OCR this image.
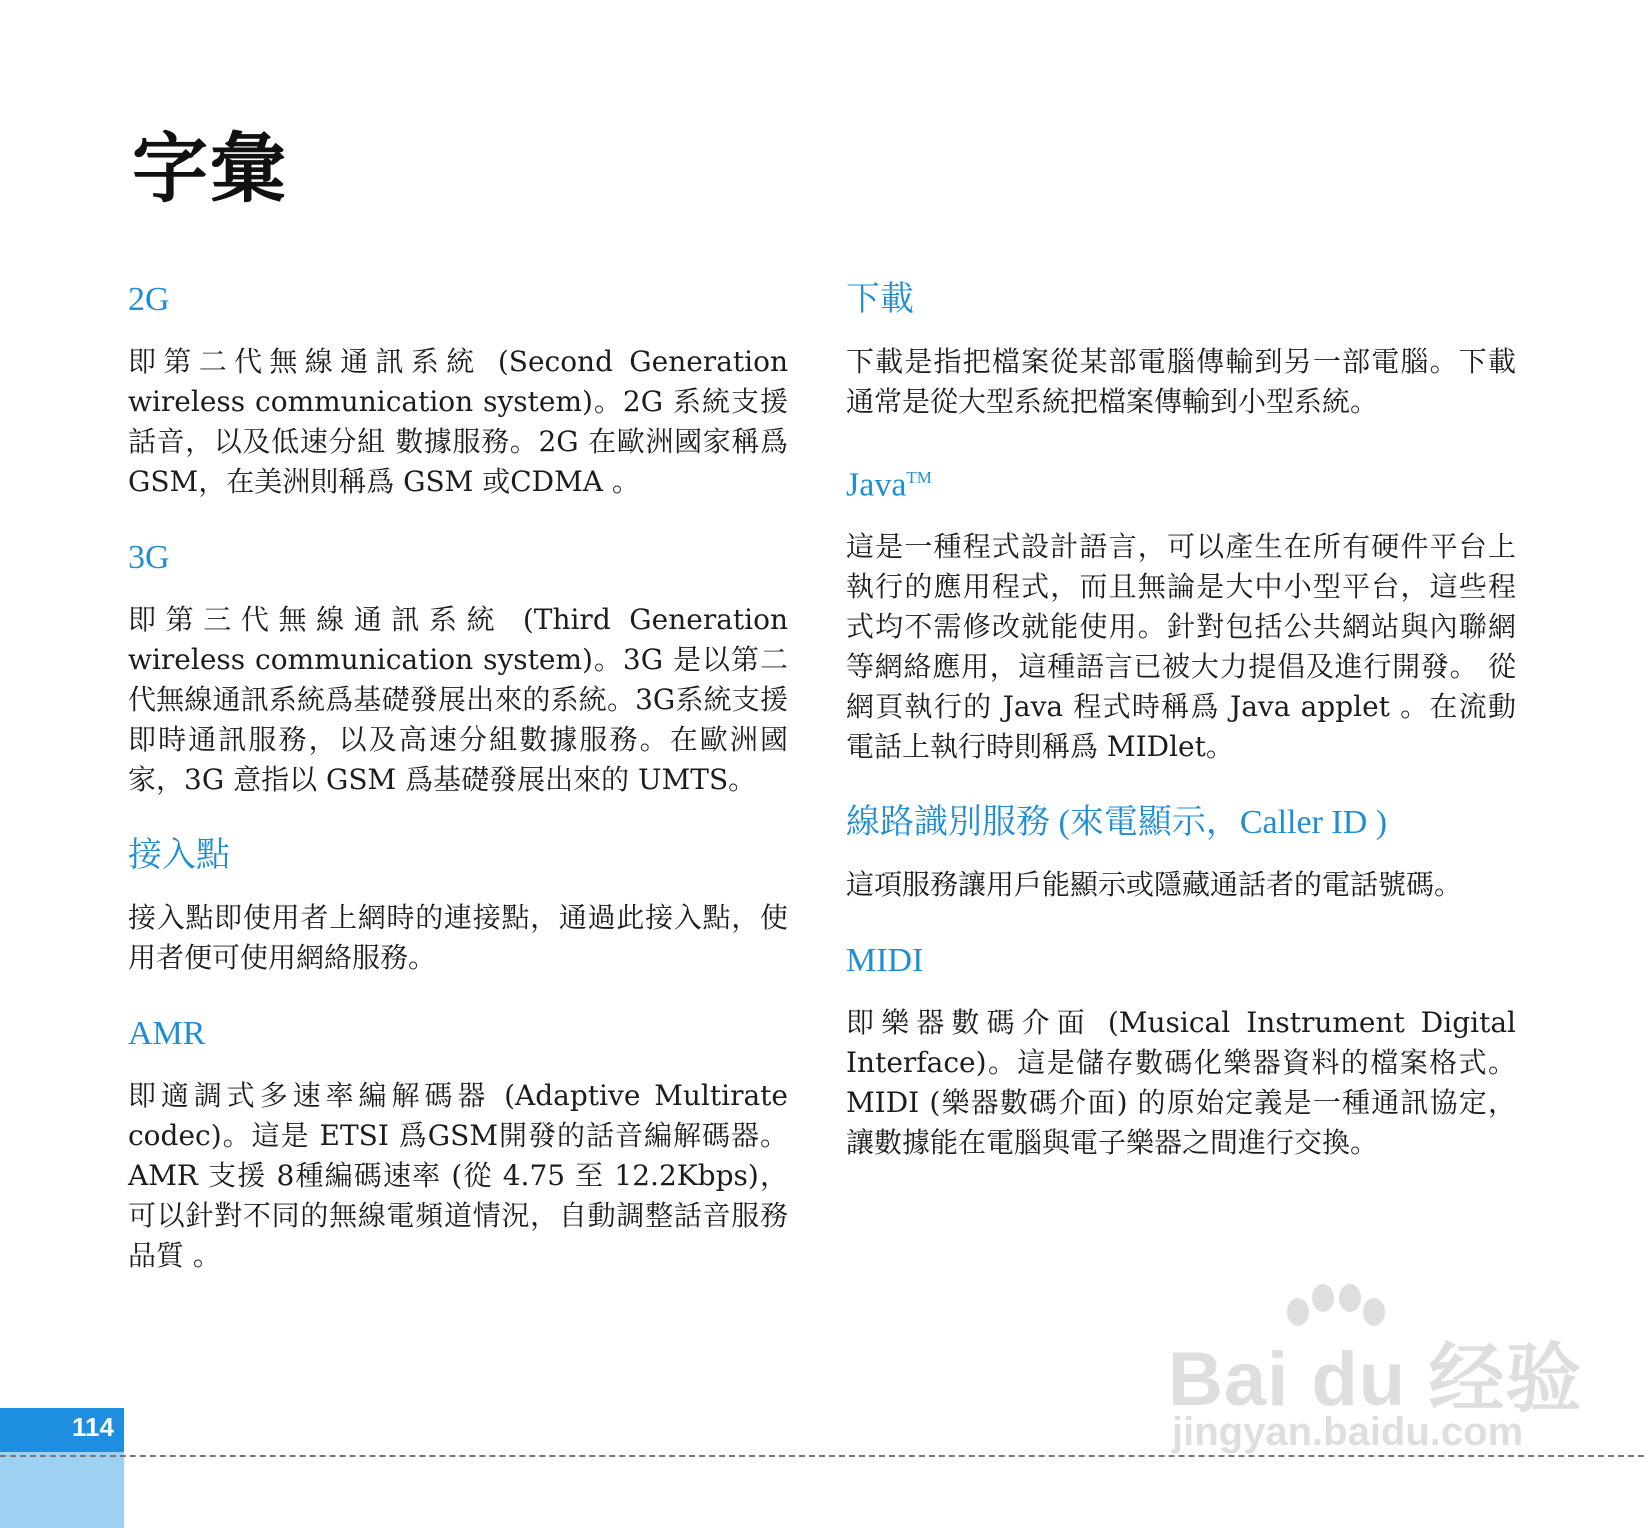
字彙
2G

即第二代無線通訊系統 (Second Generation wireless communication system)。2G 系統支援話音，以及低速分組 數據服務。2G 在歐洲國家稱爲 GSM，在美洲則稱爲 GSM 或CDMA 。

3G

即第三代無線通訊系統 (Third Generation wireless communication system)。3G 是以第二代無線通訊系統爲基礎發展出來的系統。3G系統支援即時通訊服務，以及高速分組數據服務。在歐洲國家，3G 意指以 GSM 爲基礎發展出來的 UMTS。

接入點

接入點即使用者上網時的連接點，通過此接入點，使用者便可使用網絡服務。

AMR

即適調式多速率編解碼器 (Adaptive Multirate codec)。這是 ETSI 爲GSM開發的話音編解碼器。AMR 支援 8種編碼速率 (從 4.75 至 12.2Kbps)，可以針對不同的無線電頻道情況，自動調整話音服務品質 。

下載

下載是指把檔案從某部電腦傳輸到另一部電腦。下載通常是從大型系統把檔案傳輸到小型系統。

Java™

這是一種程式設計語言，可以產生在所有硬件平台上執行的應用程式，而且無論是大中小型平台，這些程式均不需修改就能使用。針對包括公共網站與內聯網等網絡應用，這種語言已被大力提倡及進行開發。 從網頁執行的 Java 程式時稱爲 Java applet 。在流動電話上執行時則稱爲 MIDlet。

線路識別服務 (來電顯示，Caller ID )

這項服務讓用戶能顯示或隱藏通話者的電話號碼。

MIDI

即樂器數碼介面 (Musical Instrument Digital Interface)。這是儲存數碼化樂器資料的檔案格式。MIDI (樂器數碼介面) 的原始定義是一種通訊協定，讓數據能在電腦與電子樂器之間進行交換。

114
Bai du 经验
jingyan.baidu.com
